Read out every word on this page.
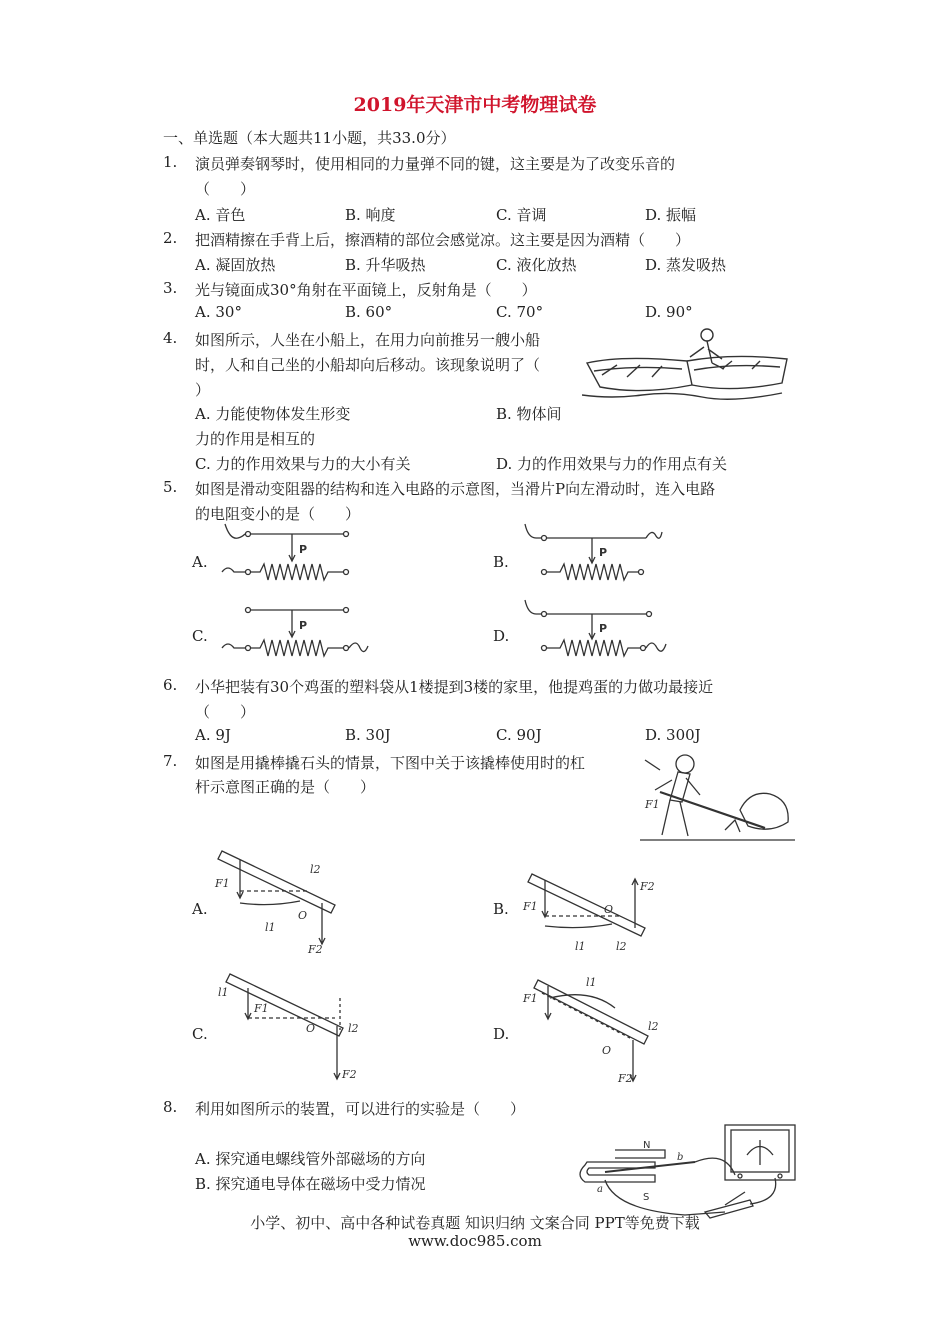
2019年天津市中考物理试卷
一、单选题（本大题共11小题，共33.0分）
1. 演员弹奏钢琴时，使用相同的力量弹不同的键，这主要是为了改变乐音的
（　　）
A. 音色	B. 响度	C. 音调	D. 振幅
2. 把酒精擦在手背上后，擦酒精的部位会感觉凉。这主要是因为酒精（　　）
A. 凝固放热	B. 升华吸热	C. 液化放热	D. 蒸发吸热
3. 光与镜面成30°角射在平面镜上，反射角是（　　）
A. 30°	B. 60°	C. 70°	D. 90°
4. 如图所示，人坐在小船上，在用力向前推另一艘小船
时，人和自己坐的小船却向后移动。该现象说明了（
）
A. 力能使物体发生形变	B. 物体间
力的作用是相互的
C. 力的作用效果与力的大小有关	D. 力的作用效果与力的作用点有关
5. 如图是滑动变阻器的结构和连入电路的示意图，当滑片P向左滑动时，连入电路
的电阻变小的是（　　）
A.	B.
C.	D.
P	P
P	P
6. 小华把装有30个鸡蛋的塑料袋从1楼提到3楼的家里，他提鸡蛋的力做功最接近
（　　）
A. 9J	B. 30J	C. 90J	D. 300J
7. 如图是用撬棒撬石头的情景，下图中关于该撬棒使用时的杠
杆示意图正确的是（　　）
F1
A.	B.
C.	D.
F1
O
l1
l2
F2
F1	O
l1	l2
F2
l1
F1
O	l2
F2
F1
l1
l2
O
F2
8. 利用如图所示的装置，可以进行的实验是（　　）
A. 探究通电螺线管外部磁场的方向
B. 探究通电导体在磁场中受力情况
N
S
a
b
小学、初中、高中各种试卷真题 知识归纳 文案合同 PPT等免费下载
www.doc985.com
